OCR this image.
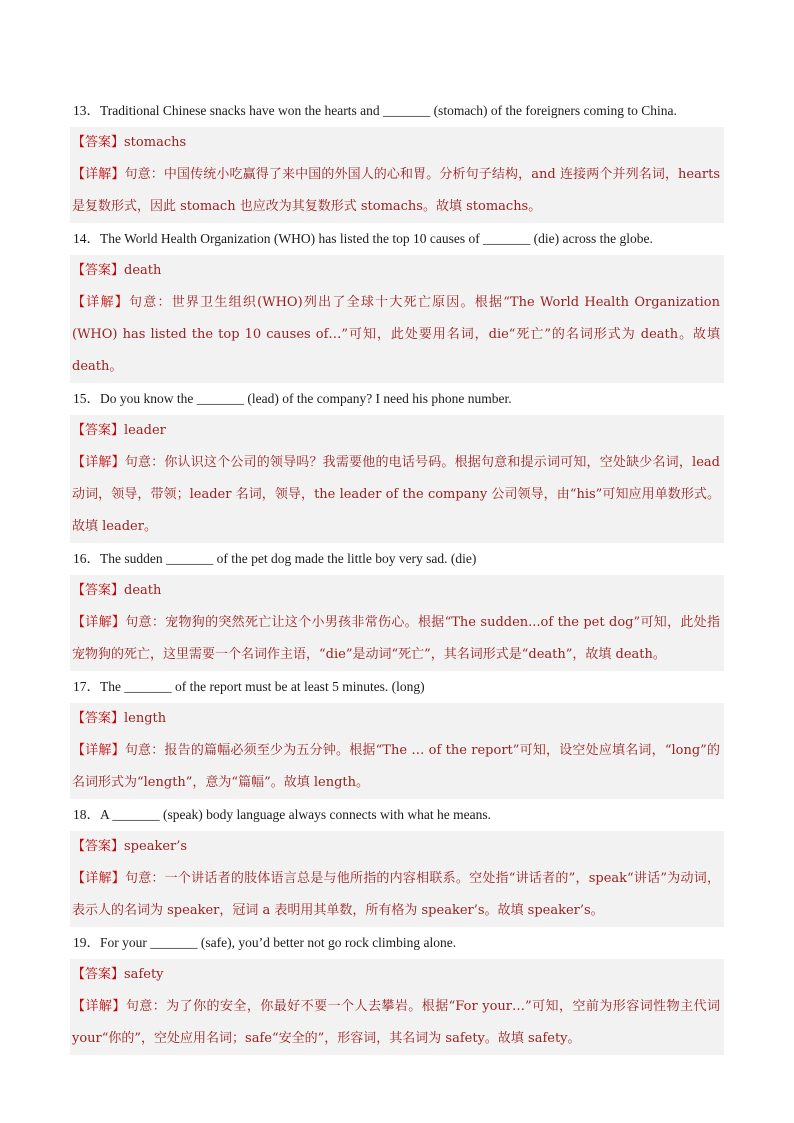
13．Traditional Chinese snacks have won the hearts and _______ (stomach) of the foreigners coming to China.
【答案】stomachs
【详解】句意：中国传统小吃赢得了来中国的外国人的心和胃。分析句子结构，and 连接两个并列名词，hearts 是复数形式，因此 stomach 也应改为其复数形式 stomachs。故填 stomachs。
14．The World Health Organization (WHO) has listed the top 10 causes of _______ (die) across the globe.
【答案】death
【详解】句意：世界卫生组织(WHO)列出了全球十大死亡原因。根据“The World Health Organization (WHO) has listed the top 10 causes of…”可知，此处要用名词，die“死亡”的名词形式为 death。故填 death。
15．Do you know the _______ (lead) of the company? I need his phone number.
【答案】leader
【详解】句意：你认识这个公司的领导吗？我需要他的电话号码。根据句意和提示词可知，空处缺少名词，lead 动词，领导，带领；leader 名词，领导，the leader of the company 公司领导，由“his”可知应用单数形式。故填 leader。
16．The sudden _______ of the pet dog made the little boy very sad. (die)
【答案】death
【详解】句意：宠物狗的突然死亡让这个小男孩非常伤心。根据“The sudden...of the pet dog”可知，此处指宠物狗的死亡，这里需要一个名词作主语，“die”是动词“死亡”，其名词形式是“death”，故填 death。
17．The _______ of the report must be at least 5 minutes. (long)
【答案】length
【详解】句意：报告的篇幅必须至少为五分钟。根据“The … of the report”可知，设空处应填名词，“long”的名词形式为“length”，意为“篇幅”。故填 length。
18．A _______ (speak) body language always connects with what he means.
【答案】speaker’s
【详解】句意：一个讲话者的肢体语言总是与他所指的内容相联系。空处指“讲话者的”，speak“讲话”为动词，表示人的名词为 speaker，冠词 a 表明用其单数，所有格为 speaker’s。故填 speaker’s。
19．For your _______ (safe), you’d better not go rock climbing alone.
【答案】safety
【详解】句意：为了你的安全，你最好不要一个人去攀岩。根据“For your…”可知，空前为形容词性物主代词 your“你的”，空处应用名词；safe“安全的”，形容词，其名词为 safety。故填 safety。
